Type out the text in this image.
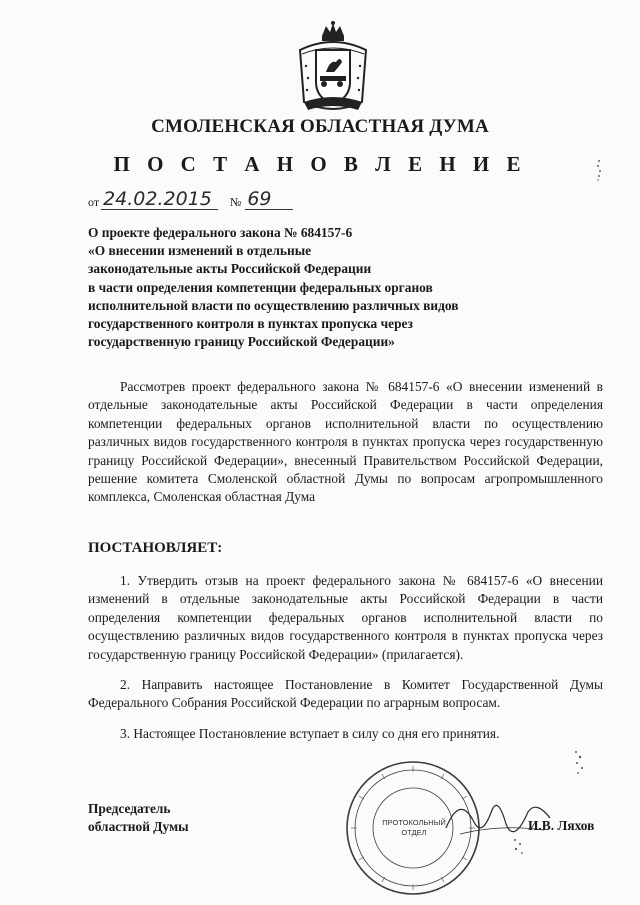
СМОЛЕНСКАЯ ОБЛАСТНАЯ ДУМА
П О С Т А Н О В Л Е Н И Е
от 24.02.2015	№ 69
О проекте федерального закона № 684157-6
«О внесении изменений в отдельные
законодательные акты Российской Федерации
в части определения компетенции федеральных органов
исполнительной власти по осуществлению различных видов
государственного контроля в пунктах пропуска через
государственную границу Российской Федерации»

Рассмотрев проект федерального закона № 684157-6 «О внесении изменений в отдельные законодательные акты Российской Федерации в части определения компетенции федеральных органов исполнительной власти по осуществлению различных видов государственного контроля в пунктах пропуска через государственную границу Российской Федерации», внесенный Правительством Российской Федерации, решение комитета Смоленской областной Думы по вопросам агропромышленного комплекса, Смоленская областная Дума

ПОСТАНОВЛЯЕТ:

1. Утвердить отзыв на проект федерального закона № 684157-6 «О внесении изменений в отдельные законодательные акты Российской Федерации в части определения компетенции федеральных органов исполнительной власти по осуществлению различных видов государственного контроля в пунктах пропуска через государственную границу Российской Федерации» (прилагается).

2. Направить настоящее Постановление в Комитет Государственной Думы Федерального Собрания Российской Федерации по аграрным вопросам.

3. Настоящее Постановление вступает в силу со дня его принятия.

Председатель
областной Думы	ПРОТОКОЛЬНЫЙ
ОТДЕЛ	И.В. Ляхов
